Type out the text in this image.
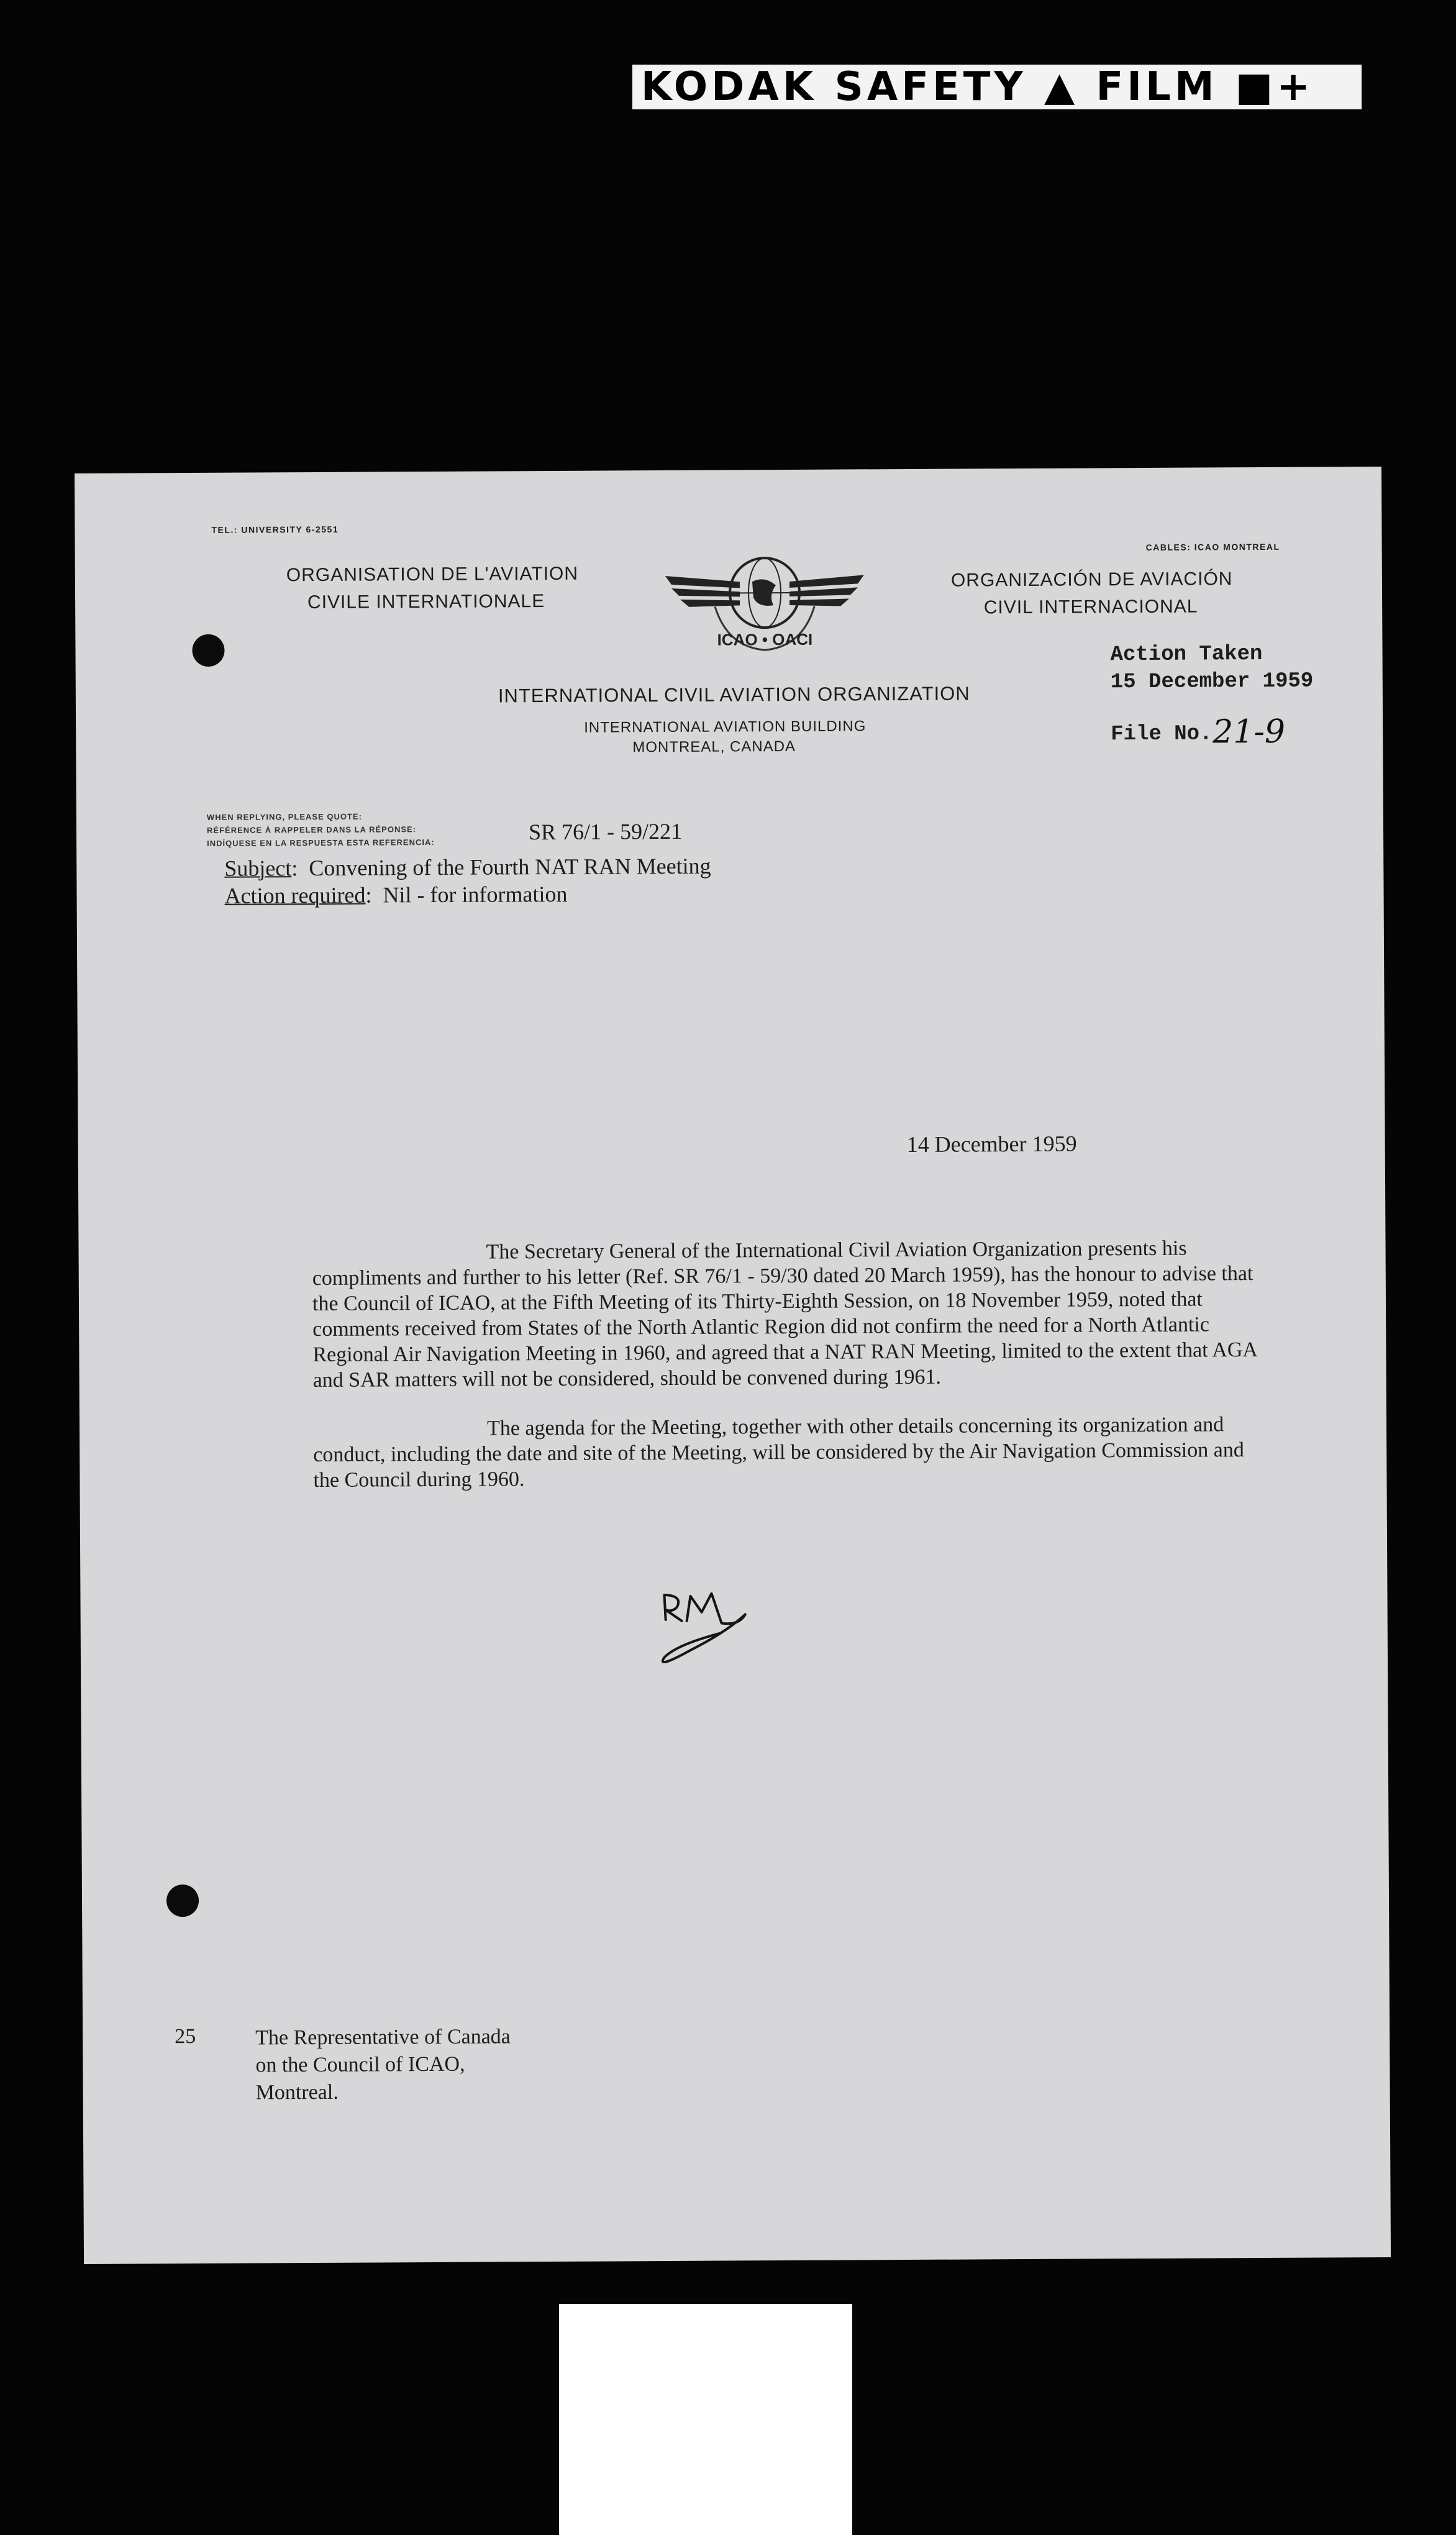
KODAK SAFETY ▲ FILM ■+
TEL.: UNIVERSITY 6-2551
CABLES: ICAO MONTREAL
ORGANISATION DE L'AVIATION
CIVILE INTERNATIONALE
ICAO • OACI
ORGANIZACIÓN DE AVIACIÓN
CIVIL INTERNACIONAL
Action Taken
15 December 1959
INTERNATIONAL CIVIL AVIATION ORGANIZATION
INTERNATIONAL AVIATION BUILDING
MONTREAL, CANADA
File No. 21-9
WHEN REPLYING, PLEASE QUOTE:
RÉFÉRENCE À RAPPELER DANS LA RÉPONSE:
INDÍQUESE EN LA RESPUESTA ESTA REFERENCIA:	SR 76/1 - 59/221
Subject:  Convening of the Fourth NAT RAN Meeting
Action required:  Nil - for information
14 December 1959

The Secretary General of the International Civil Aviation Organization presents his compliments and further to his letter (Ref. SR 76/1 - 59/30 dated 20 March 1959), has the honour to advise that the Council of ICAO, at the Fifth Meeting of its Thirty-Eighth Session, on 18 November 1959, noted that comments received from States of the North Atlantic Region did not confirm the need for a North Atlantic Regional Air Navigation Meeting in 1960, and agreed that a NAT RAN Meeting, limited to the extent that AGA and SAR matters will not be considered, should be convened during 1961.

The agenda for the Meeting, together with other details concerning its organization and conduct, including the date and site of the Meeting, will be considered by the Air Navigation Commission and the Council during 1960.

25	The Representative of Canada
on the Council of ICAO,
Montreal.
